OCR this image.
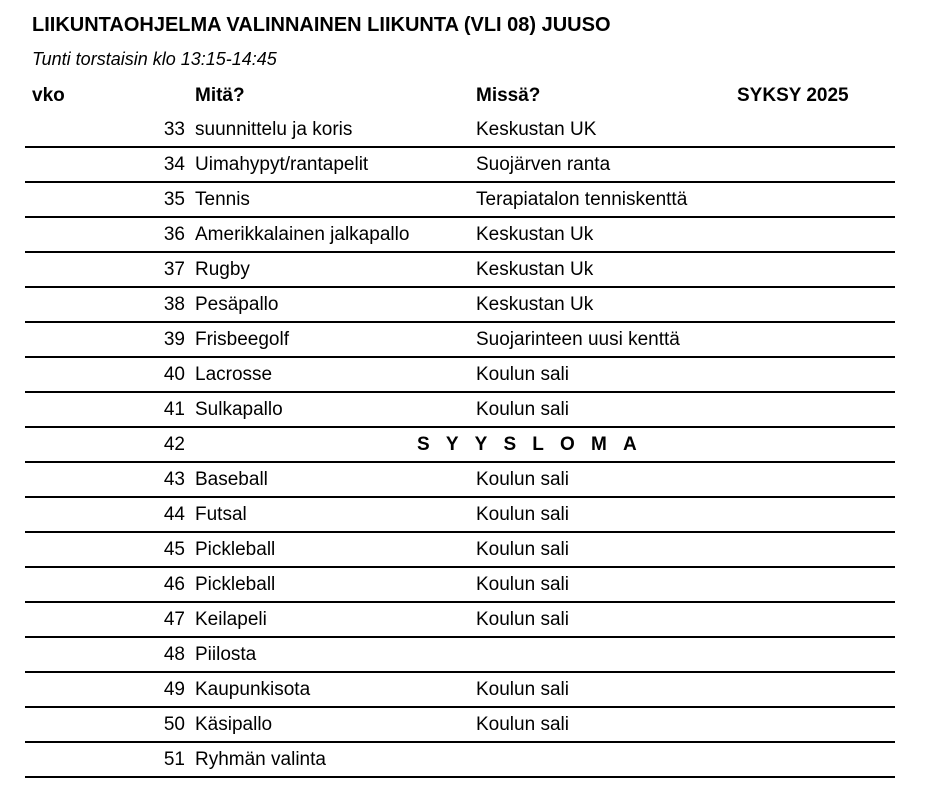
LIIKUNTAOHJELMA VALINNAINEN LIIKUNTA (VLI 08) JUUSO
Tunti torstaisin klo 13:15-14:45
vko	Mitä?	Missä?	SYKSY 2025
33 suunnittelu ja koris	Keskustan UK
34 Uimahypyt/rantapelit	Suojärven ranta
35 Tennis	Terapiatalon tenniskenttä
36 Amerikkalainen jalkapallo	Keskustan Uk
37 Rugby	Keskustan Uk
38 Pesäpallo	Keskustan Uk
39 Frisbeegolf	Suojarinteen uusi kenttä
40 Lacrosse	Koulun sali
41 Sulkapallo	Koulun sali
42	SYYSLOMA
43 Baseball	Koulun sali
44 Futsal	Koulun sali
45 Pickleball	Koulun sali
46 Pickleball	Koulun sali
47 Keilapeli	Koulun sali
48 Piilosta
49 Kaupunkisota	Koulun sali
50 Käsipallo	Koulun sali
51 Ryhmän valinta
